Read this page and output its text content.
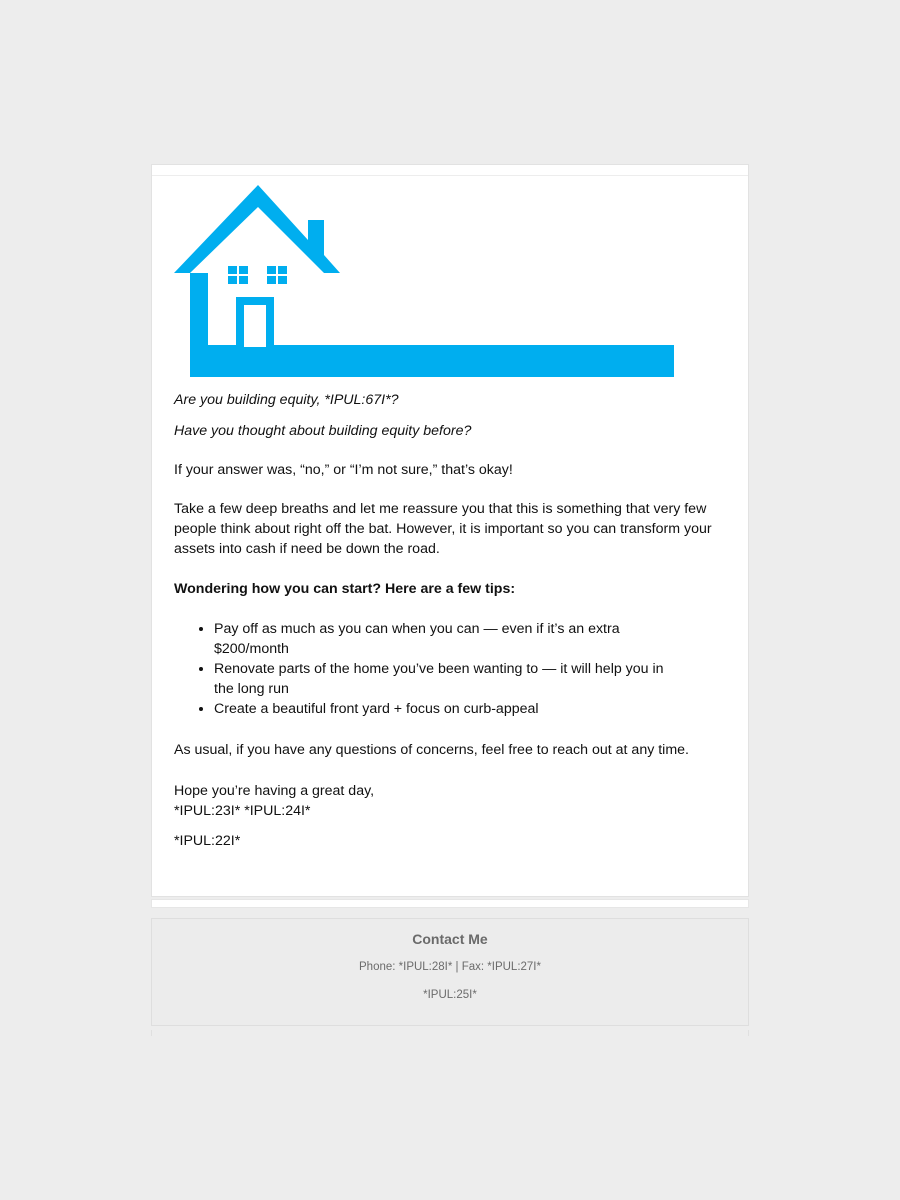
Are you building equity, *IPUL:67I*?

Have you thought about building equity before?

If your answer was, “no,” or “I’m not sure,” that’s okay!

Take a few deep breaths and let me reassure you that this is something that very few people think about right off the bat. However, it is important so you can transform your assets into cash if need be down the road.

Wondering how you can start? Here are a few tips:

• Pay off as much as you can when you can — even if it’s an extra $200/month
• Renovate parts of the home you’ve been wanting to — it will help you in the long run
• Create a beautiful front yard + focus on curb-appeal

As usual, if you have any questions of concerns, feel free to reach out at any time.

Hope you’re having a great day,

*IPUL:23I* *IPUL:24I*

*IPUL:22I*

Contact Me
Phone: *IPUL:28I* | Fax: *IPUL:27I*
*IPUL:25I*
